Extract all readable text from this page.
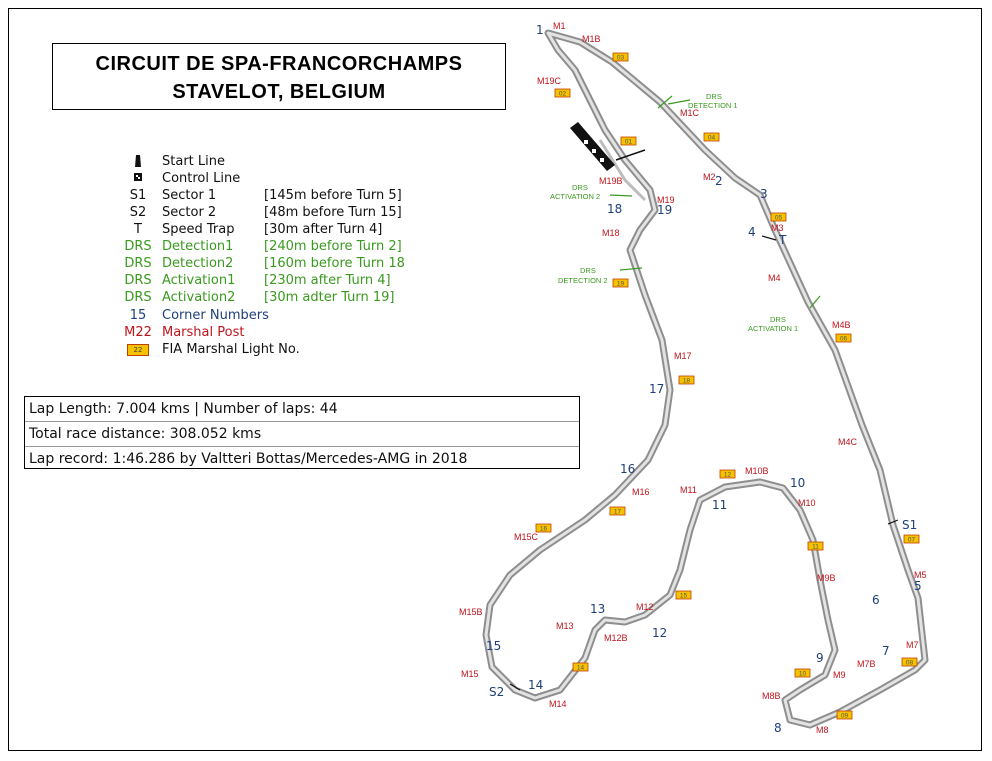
CIRCUIT DE SPA-FRANCORCHAMPS
STAVELOT, BELGIUM
Start Line
Control Line
S1	Sector 1	[145m before Turn 5]
S2	Sector 2	[48m before Turn 15]
T	Speed Trap [30m after Turn 4]
DRS Detection1 [240m before Turn 2]
DRS Detection2 [160m before Turn 18
DRS Activation1 [230m after Turn 4]
DRS Activation2 [30m adter Turn 19]
15	Corner Numbers
M22 Marshal Post
22	FIA Marshal Light No.
Lap Length: 7.004 kms | Number of laps: 44
Total race distance: 308.052 kms
Lap record: 1:46.286 by Valtteri Bottas/Mercedes-AMG in 2018
1
2
3
4
5
6
7
8
9
10
11
12
13
14
15
16
17
18	19
S1
S2
T
M1
M1B
M19C
M1C
M2
M3
M4
M4B
M4C
M5
M7
M7B
M8
M8B
M9
M9B
M10
M10B
M11
M12
M12B
M13
M14
M15
M15B
M15C
M16
M17
M18
M19
M19B
DRS
DETECTION 1
DRS
ACTIVATION 1
DRS
DETECTION 2
DRS
ACTIVATION 2
01
02
03
04
05
06
07
08
09
10
11
12
14
15
16
17
18
19
